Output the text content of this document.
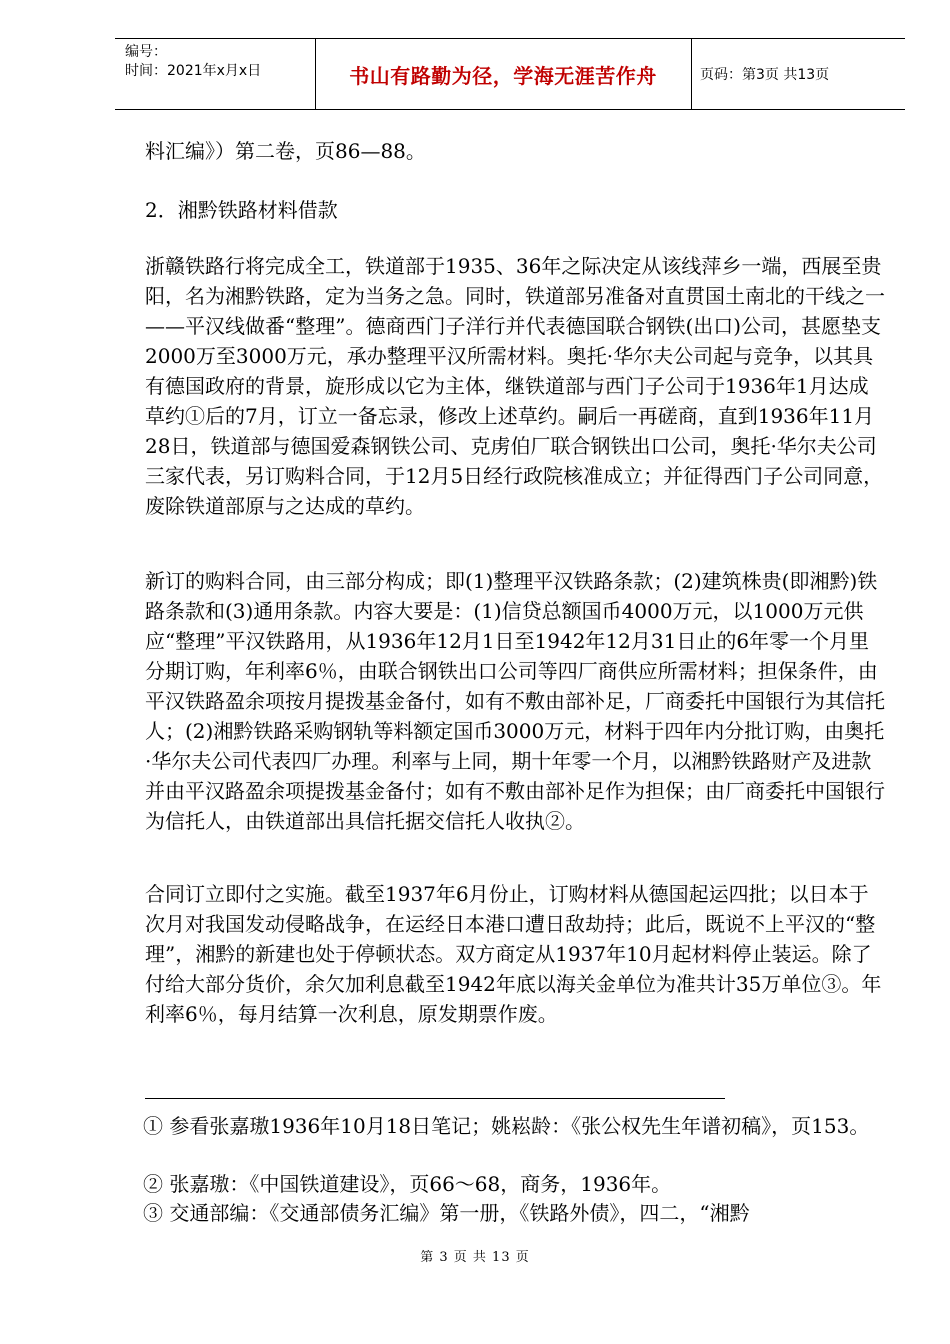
编号：
时间：2021年x月x日	书山有路勤为径，学海无涯苦作舟	页码：第3页 共13页
料汇编》）第二卷，页86—88。
2．湘黔铁路材料借款

浙赣铁路行将完成全工，铁道部于1935、36年之际决定从该线萍乡一端，西展至贵阳，名为湘黔铁路，定为当务之急。同时，铁道部另准备对直贯国土南北的干线之一——平汉线做番“整理”。德商西门子洋行并代表德国联合钢铁(出口)公司，甚愿垫支2000万至3000万元，承办整理平汉所需材料。奥托·华尔夫公司起与竞争，以其具有德国政府的背景，旋形成以它为主体，继铁道部与西门子公司于1936年1月达成草约①后的7月，订立一备忘录，修改上述草约。嗣后一再磋商，直到1936年11月28日，铁道部与德国爱森钢铁公司、克虏伯厂联合钢铁出口公司，奥托·华尔夫公司三家代表，另订购料合同，于12月5日经行政院核准成立；并征得西门子公司同意，废除铁道部原与之达成的草约。

新订的购料合同，由三部分构成；即(1)整理平汉铁路条款；(2)建筑株贵(即湘黔)铁路条款和(3)通用条款。内容大要是：(1)信贷总额国币4000万元，以1000万元供应“整理”平汉铁路用，从1936年12月1日至1942年12月31日止的6年零一个月里分期订购，年利率6％，由联合钢铁出口公司等四厂商供应所需材料；担保条件，由平汉铁路盈余项按月提拨基金备付，如有不敷由部补足，厂商委托中国银行为其信托人；(2)湘黔铁路采购钢轨等料额定国币3000万元，材料于四年内分批订购，由奥托·华尔夫公司代表四厂办理。利率与上同，期十年零一个月，以湘黔铁路财产及进款并由平汉路盈余项提拨基金备付；如有不敷由部补足作为担保；由厂商委托中国银行为信托人，由铁道部出具信托据交信托人收执②。

合同订立即付之实施。截至1937年6月份止，订购材料从德国起运四批；以日本于次月对我国发动侵略战争，在运经日本港口遭日敌劫持；此后，既说不上平汉的“整理”，湘黔的新建也处于停顿状态。双方商定从1937年10月起材料停止装运。除了付给大部分货价，余欠加利息截至1942年底以海关金单位为准共计35万单位③。年利率6％，每月结算一次利息，原发期票作废。

① 参看张嘉璈1936年10月18日笔记；姚崧龄：《张公权先生年谱初稿》，页153。
② 张嘉璈：《中国铁道建设》，页66～68，商务，1936年。
③ 交通部编：《交通部债务汇编》第一册，《铁路外债》，四二，“湘黔
第 3 页 共 13 页
